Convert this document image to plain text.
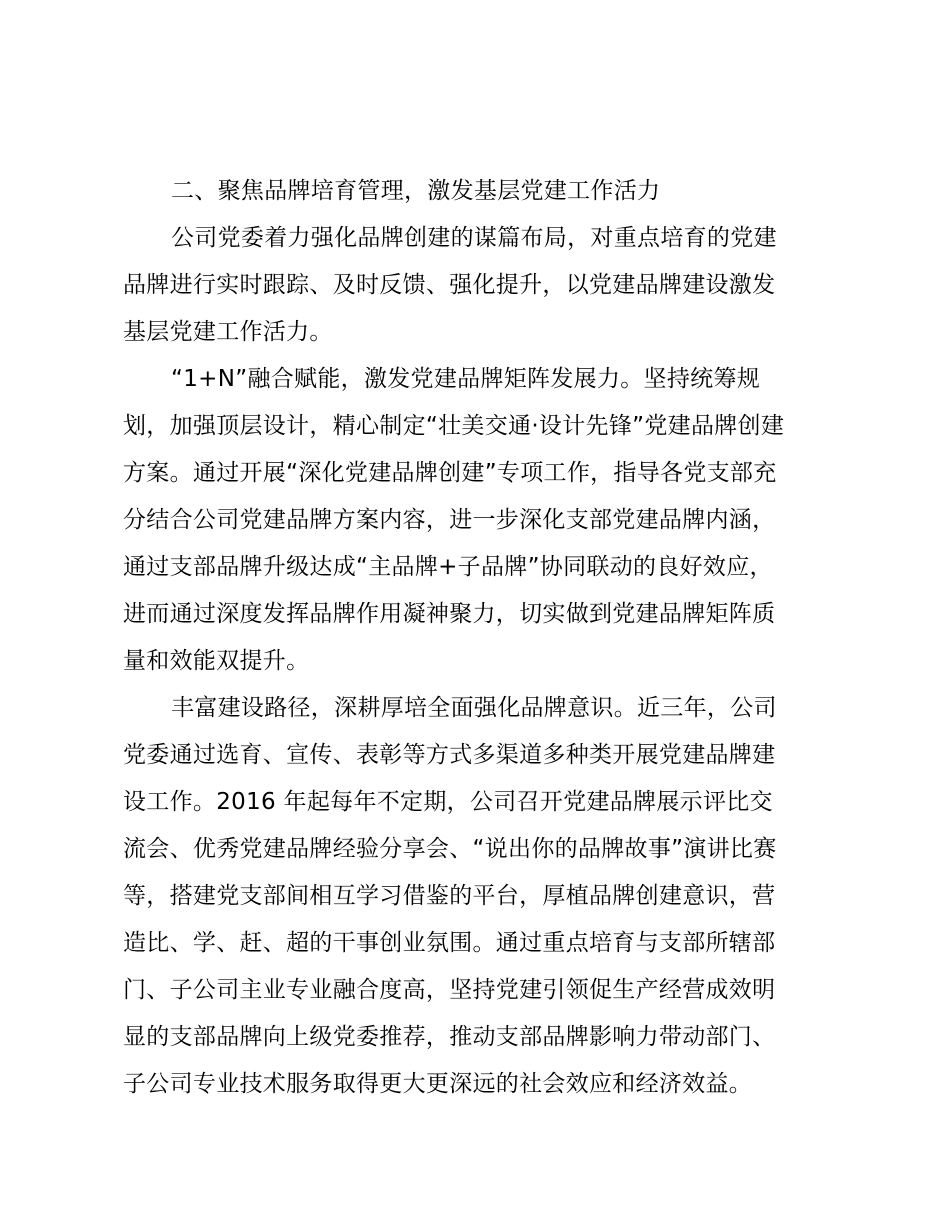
二、聚焦品牌培育管理，激发基层党建工作活力
公司党委着力强化品牌创建的谋篇布局，对重点培育的党建
品牌进行实时跟踪、及时反馈、强化提升，以党建品牌建设激发
基层党建工作活力。
“1+N”融合赋能，激发党建品牌矩阵发展力。坚持统筹规
划，加强顶层设计，精心制定“壮美交通·设计先锋”党建品牌创建
方案。通过开展“深化党建品牌创建”专项工作，指导各党支部充
分结合公司党建品牌方案内容，进一步深化支部党建品牌内涵，
通过支部品牌升级达成“主品牌+子品牌”协同联动的良好效应，
进而通过深度发挥品牌作用凝神聚力，切实做到党建品牌矩阵质
量和效能双提升。
丰富建设路径，深耕厚培全面强化品牌意识。近三年，公司
党委通过选育、宣传、表彰等方式多渠道多种类开展党建品牌建
设工作。2016 年起每年不定期，公司召开党建品牌展示评比交
流会、优秀党建品牌经验分享会、“说出你的品牌故事”演讲比赛
等，搭建党支部间相互学习借鉴的平台，厚植品牌创建意识，营
造比、学、赶、超的干事创业氛围。通过重点培育与支部所辖部
门、子公司主业专业融合度高，坚持党建引领促生产经营成效明
显的支部品牌向上级党委推荐，推动支部品牌影响力带动部门、
子公司专业技术服务取得更大更深远的社会效应和经济效益。
